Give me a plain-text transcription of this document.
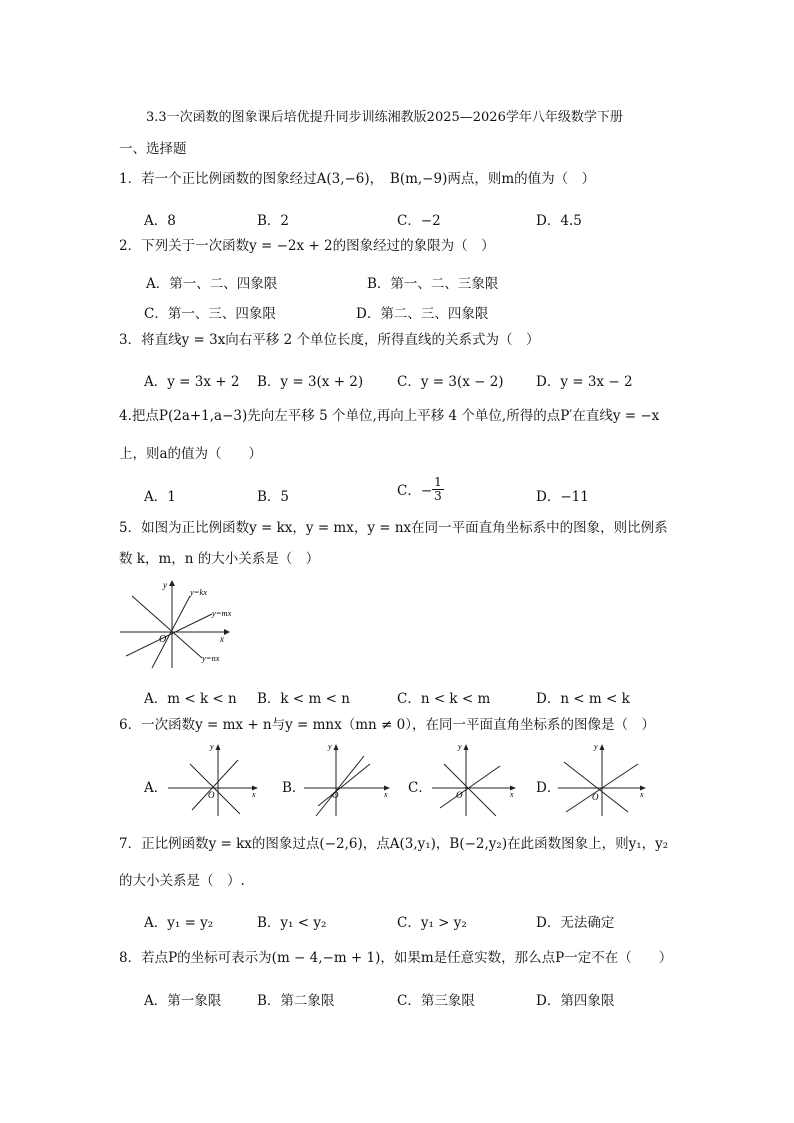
3.3一次函数的图象课后培优提升同步训练湘教版2025—2026学年八年级数学下册
一、选择题
1．若一个正比例函数的图象经过A(3,−6)，　B(m,−9)两点，则m的值为（　）
A．8	B．2	C．−2	D．4.5
2．下列关于一次函数y = −2x + 2的图象经过的象限为（　）
A．第一、二、四象限	B．第一、二、三象限
C．第一、三、四象限	D．第二、三、四象限
3．将直线y = 3x向右平移 2 个单位长度，所得直线的关系式为（　）
A．y = 3x + 2 B．y = 3(x + 2)	C．y = 3(x − 2) D．y = 3x − 2
4.把点P(2a+1,a−3)先向左平移 5 个单位,再向上平移 4 个单位,所得的点P′在直线y = −x
上，则a的值为（　　）
A．1	B．5	C．− $\frac{1}{3}$	D．−11
5．如图为正比例函数y = kx，y = mx，y = nx在同一平面直角坐标系中的图象，则比例系
数 k，m，n 的大小关系是（　）
y
x
O
y=kx
y=mx
y=nx
A．m < k < n B．k < m < n	C．n < k < m	D．n < m < k
6．一次函数y = mx + n与y = mnx（mn ≠ 0），在同一平面直角坐标系的图像是（　）
A．
y
x
O	B．
y
x
O	C．
y
x
O	D．
y
x
O
7．正比例函数y = kx的图象过点(−2,6)，点A(3,y₁)，B(−2,y₂)在此函数图象上，则y₁，y₂
的大小关系是（　）.
A．y₁ = y₂	B．y₁ < y₂	C．y₁ > y₂	D．无法确定
8．若点P的坐标可表示为(m − 4,−m + 1)，如果m是任意实数，那么点P一定不在（　　）
A．第一象限	B．第二象限	C．第三象限	D．第四象限
